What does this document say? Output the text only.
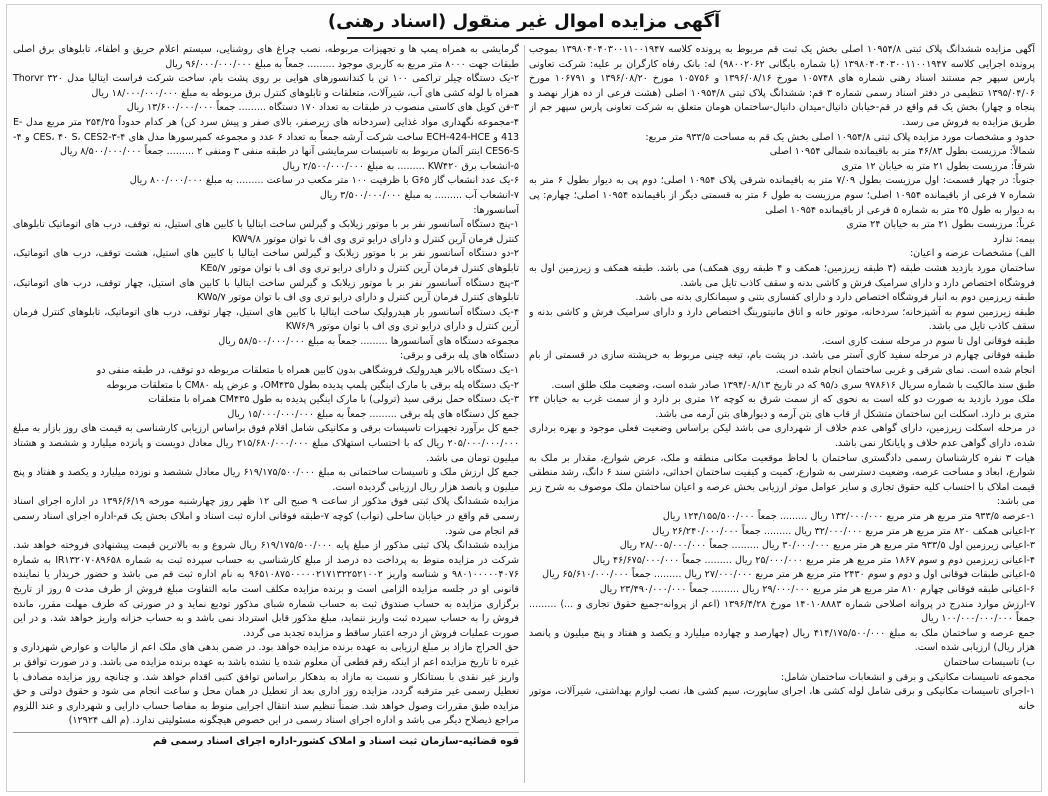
آگهی مزایده اموال غیر منقول (اسناد رهنی)

آگهی مزایده ششدانگ پلاک ثبتی ۱۰۹۵۴/۸ اصلی بخش یک ثبت قم مربوط به پرونده کلاسه ۱۳۹۸۰۴۰۴۰۳۰۰۱۱۰۰۱۹۴۷ بموجب پرونده اجرایی کلاسه ۱۳۹۸۰۴۰۴۰۳۰۰۱۱۰۰۱۹۴۷ (با شماره بایگانی ۹۸۰۰۲۰۶۲) له: بانک رفاه کارگران بر علیه: شرکت تعاونی پارس سپهر جم مستند اسناد رهنی شماره های ۱۰۵۷۴۸ مورخ ۱۳۹۶/۰۸/۱۶ و ۱۰۵۷۵۶ مورخ ۱۳۹۶/۰۸/۲۰ و ۱۰۶۷۹۱ مورخ ۱۳۹۵/۰۴/۰۶ تنظیمی در دفتر اسناد رسمی شماره ۳ قم: ششدانگ پلاک ثبتی ۱۰۹۵۴/۸ اصلی (هشت فرعی از ده هزار نهصد و پنجاه و چهار) بخش یک قم واقع در قم-خیابان دانیال-میدان دانیال-ساختمان هومان متعلق به شرکت تعاونی پارس سپهر جم از طریق مزایده به فروش می رسد.

حدود و مشخصات مورد مزایده پلاک ثبتی ۱۰۹۵۴/۸ اصلی بخش یک قم به مساحت ۹۳۳/۵ متر مربع:

شمالاً: مرزیست بطول ۴۶/۸۳ متر به باقیمانده شمالی ۱۰۹۵۴ اصلی

شرقاً: مرزیست بطول ۲۱ متر به خیابان ۱۲ متری

جنوباً: در چهار قسمت: اول مرزیست بطول ۷/۰۹ متر به باقیمانده شرقی پلاک ۱۰۹۵۴ اصلی؛ دوم پی به دیوار بطول ۶ متر به شماره ۷ فرعی از باقیمانده ۱۰۹۵۴ اصلی؛ سوم مرزیست به طول ۶ متر به قسمتی دیگر از باقیمانده ۱۰۹۵۴ اصلی؛ چهارم: پی به دیوار به طول ۲۵ متر به شماره ۵ فرعی از باقیمانده ۱۰۹۵۴ اصلی

غرباً: مرزیست بطول ۲۱ متر به خیابان ۲۴ متری

بیمه: ندارد

الف) مشخصات عرصه و اعیان:

ساختمان مورد بازدید هشت طبقه (۳ طبقه زیرزمین؛ همکف و ۴ طبقه روی همکف) می باشد. طبقه همکف و زیرزمین اول به فروشگاه اختصاص دارد و دارای سرامیک فرش و کاشی بدنه و سقف کاذب تایل می باشد.

طبقه زیرزمین دوم به انبار فروشگاه اختصاص دارد و دارای کفسازی بتنی و سیمانکاری بدنه می باشد.

طبقه زیرزمین سوم به آشپزخانه؛ سردخانه، موتور خانه و اتاق مانیتورینگ اختصاص دارد و دارای سرامیک فرش و کاشی بدنه و سقف کاذب تایل می باشد.

طبقه فوقانی اول تا سوم در مرحله سفت کاری است.

طبقه فوقانی چهارم در مرحله سفید کاری آستر می باشد. در پشت بام، تیغه چینی مربوط به خرپشته سازی در قسمتی از بام انجام شده است. نمای شرقی و غربی ساختمان انجام شده است.

طبق سند مالکیت با شماره سریال ۹۷۸۶۱۶ سری د/۹۵ که در تاریخ ۱۳۹۴/۰۸/۱۳ صادر شده است، وضعیت ملک طلق است.

ملک مورد بازدید به صورت دو کله است به نحوی که از سمت شرق به کوچه ۱۲ متری بر دارد و از سمت غرب به خیابان ۲۴ متری بر دارد. اسکلت این ساختمان متشکل از قاب های بتن آرمه و دیوارهای بتن آرمه می باشد.

در مرحله اسکلت زیرزمین، دارای گواهی عدم خلاف از شهرداری می باشد لیکن براساس وضعیت فعلی موجود و بهره برداری شده، دارای گواهی عدم خلاف و پایانکار نمی باشد.

هیات ۳ نفره کارشناسان رسمی دادگستری ساختمان با لحاظ موقعیت مکانی منطقه و ملک، عرض شوارع، مقدار بر ملک به شوارع، ابعاد و مساحت عرصه، وضعیت دسترسی به شوارع، کمیت و کیفیت ساختمان احداثی، داشتن سند ۶ دانگ، رشد منطقی قیمت املاک با احتساب کلیه حقوق تجاری و سایر عوامل موثر ارزیابی بخش عرصه و اعیان ساختمان ملک موصوف به شرح زیر می باشد:

۱-عرصه ۹۳۳/۵ متر مربع هر متر مربع ۱۳۲/۰۰۰/۰۰۰ ریال ......... جمعاً ۱۲۴/۱۵۵/۵۰۰/۰۰۰ ریال

۲-اعیانی همکف ۸۲۰ متر مربع هر متر مربع ۳۲/۰۰۰/۰۰۰ ریال ......... جمعاً ۲۶/۲۴۰/۰۰۰/۰۰۰ ریال

۳-اعیانی زیرزمین اول ۹۳۳/۵ متر مربع هر متر مربع ۳۰/۰۰۰/۰۰۰ ریال ......... جمعاً ۲۸/۰۰۵/۰۰۰/۰۰۰ ریال

۴-اعیانی زیرزمین دوم و سوم ۱۸۶۷ متر مربع هر متر مربع ۲۵/۰۰۰/۰۰۰ ریال ......... جمعاً ۴۶/۶۷۵/۰۰۰/۰۰۰ ریال

۵-اعیانی طبقات فوقانی اول و دوم و سوم ۲۴۳۰ متر مربع هر متر مربع ۲۷/۰۰۰/۰۰۰ ریال ......... جمعاً ۶۵/۶۱۰/۰۰۰/۰۰۰ ریال

۶-اعیانی طبقه فوقانی چهارم ۸۱۰ متر مربع هر متر مربع ۲۹/۰۰۰/۰۰۰ ریال ......... جمعاً ۲۳/۴۹۰/۰۰۰/۰۰۰ ریال

۷-ارزش موارد مندرج در پروانه اصلاحی شماره ۱۴۰۱۰۸۸۸۳ مورخ ۱۳۹۶/۴/۲۸ (اعم از پروانه-جمیع حقوق تجاری و ...) ......... جمعاً ۱۰۰/۰۰۰/۰۰۰/۰۰۰ ریال

جمع عرصه و ساختمان ملک به مبلغ ۴۱۴/۱۷۵/۵۰۰/۰۰۰ ریال (چهارصد و چهارده میلیارد و یکصد و هفتاد و پنج میلیون و پانصد هزار ریال) ارزیابی شده است.

ب) تاسیسات ساختمان

مجموعه تاسیسات مکانیکی و برقی و انشعابات ساختمان شامل:

۱-اجرای تاسیسات مکانیکی و برقی شامل لوله کشی ها، اجرای ساپورت، سیم کشی ها، نصب لوازم بهداشتی، شیرآلات، موتور خانه

گرمایشی به همراه پمپ ها و تجهیزات مربوطه، نصب چراغ های روشنایی، سیستم اعلام حریق و اطفاء، تابلوهای برق اصلی طبقات جهت ۸۰۰۰ متر مربع به کاربری موجود ......... جمعاً به مبلغ ۹۶/۰۰۰/۰۰۰/۰۰۰ ریال

۲-یک دستگاه چیلر تراکمی ۱۰۰ تن با کندانسورهای هوایی بر روی پشت بام، ساخت شرکت فراست ایتالیا مدل Thorvr ۳۲۰ همراه با لوله کشی های آب، شیرآلات، متعلقات و تابلوهای کنترل برق مربوطه به مبلغ ۱۸/۰۰۰/۰۰۰/۰۰۰ ریال

۳-فن کویل های کاستی منصوب در طبقات به تعداد ۱۷۰ دستگاه ......... جمعاً ۱۳/۶۰۰/۰۰۰/۰۰۰ ریال

۴-مجموعه نگهداری مواد غذایی (سردخانه های زیرصفر، بالای صفر و پیش سرد کن) هر کدام حدوداً ۲۵۴/۲۵ متر مربع مدل E-413 و ECH-424-HCE ساخت شرکت آرشه جمعاً به تعداد ۶ عدد و مجموعه کمپرسورها مدل های ۴-CES، ۴۰ S، CES2-۳ و ۴-CES6-S اینتر آلمان مربوط به تاسیسات سرمایشی آنها در طبقه منفی ۳ ومنفی ۲ ......... جمعاً ۸/۵۰۰/۰۰۰/۰۰۰ ریال

۵-انشعاب برق KW۴۲۰ ......... به مبلغ ۲/۵۰۰/۰۰۰/۰۰۰ ریال

۶-یک عدد انشعاب گاز G۶۵ با ظرفیت ۱۰۰ متر مکعب در ساعت ......... به مبلغ ۸۰۰/۰۰۰/۰۰۰ ریال

۷-انشعاب آب ......... به مبلغ ۳/۵۰۰/۰۰۰/۰۰۰ ریال

آسانسورها:

۱-پنج دستگاه آسانسور نفر بر با موتور زیلابک و گیرلس ساخت ایتالیا با کابین های استیل، نه توقف، درب های اتوماتیک تابلوهای کنترل فرمان آرین کنترل و دارای درایو تری وی اف با توان موتور KW۹/۸

۲-دو دستگاه آسانسور نفر بر با موتور زیلابک و گیرلس ساخت ایتالیا با کابین های استیل، هشت توقف، درب های اتوماتیک، تابلوهای کنترل فرمان آرین کنترل و دارای درایو تری وی اف با توان موتور KE۵/۷

۳-پنج دستگاه آسانسور نفر بر با موتور زیلابک و گیرلس ساخت ایتالیا با کابین های استیل، چهار توقف، درب های اتوماتیک، تابلوهای کنترل فرمان آرین کنترل و دارای درایو تری وی اف با توان موتور KW۵/۷

۴-یک دستگاه آسانسور بار هیدرولیک ساخت ایتالیا با کابین های استیل، چهار توقف، درب های اتوماتیک، تابلوهای کنترل فرمان آرین کنترل و دارای درایو تری وی اف با توان موتور KW۶/۹

مجموعه دستگاه های آسانسورها ......... جمعاً به مبلغ ۵۸/۵۰۰/۰۰۰/۰۰۰ ریال

دستگاه های پله برقی و برقی:

۱-یک دستگاه بالابر هیدرولیک فروشگاهی بدون کابین همراه با متعلقات مربوطه دو توقف، در طبقه منفی دو

۲-یک دستگاه پله برقی با مارک اینگین پلمپ پدیده بطول OM۴۳۵، و عرض پله CM۸۰ با متعلقات مربوطه

۳-یک دستگاه حمل برقی سبد (ترولی) با مارک اینگین پدیده به طول CM۴۳۵ همراه با متعلقات

جمع کل دستگاه های پله برقی ......... جمعاً به مبلغ ۱۵/۰۰۰/۰۰۰/۰۰۰ ریال

جمع کل برآورد تجهیزات تاسیسات برقی و مکانیکی شامل اقلام فوق براساس ارزیابی کارشناسی به قیمت های روز بازار به مبلغ ۲۰۵/۰۰۰/۰۰۰/۰۰۰ ریال که با احتساب استهلاک مبلغ ۲۱۵/۶۸۰/۰۰۰/۰۰۰ ریال معادل دویست و پانزده میلیارد و ششصد و هشتاد میلیون تومان می باشد.

جمع کل ارزش ملک و تاسیسات ساختمانی به مبلغ ۶۱۹/۱۷۵/۵۰۰/۰۰۰ ریال معادل ششصد و نوزده میلیارد و یکصد و هفتاد و پنج میلیون و پانصد هزار ریال ارزیابی گردیده است.

مزایده ششدانگ پلاک ثبتی فوق مذکور از ساعت ۹ صبح الی ۱۲ ظهر روز چهارشنبه مورخه ۱۳۹۶/۶/۱۹ در اداره اجرای اسناد رسمی قم واقع در خیابان ساحلی (نواب) کوچه ۷-طبقه فوقانی اداره ثبت اسناد و املاک بخش یک قم-اداره اجرای اسناد رسمی قم انجام می شود.

مزایده ششدانگ پلاک ثبتی مذکور از مبلغ پایه ۶۱۹/۱۷۵/۵۰۰/۰۰۰ ریال شروع و به بالاترین قیمت پیشنهادی فروخته خواهد شد. شرکت در مزایده منوط به پرداخت ده درصد از مبلغ کارشناسی به حساب سپرده ثبت به شماره IR۱۳۲۰۷۰۸۹۶۵۸ به شماره ۹۸۰۱۰۰۰۰۰۴۰۷۶ و شناسه واریز ۹۶۵۱۰۸۷۵۰۰۰۰۰۲۱۷۱۳۲۲۵۲۱۰۰۲ به نام اداره ثبت قم می باشد و حضور خریدار یا نماینده قانونی او در جلسه مزایده الزامی است و برنده مزایده مکلف است مابه التفاوت مبلغ فروش از طرف مدت ۵ روز از تاریخ برگزاری مزایده به حساب صندوق ثبت به حساب شماره شبای مذکور تودیع نماید و در صورتی که طرف مهلت مقرر، مانده فروش را به حساب سپرده ثبت واریز ننماید، مبلغ مذکور قابل استرداد نمی باشد و به حساب خزانه واریز خواهد شد. و در این صورت عملیات فروش از درجه اعتبار ساقط و مزایده تجدید می گردد.

حق الحراج مازاد بر مبلغ ارزیابی به عهده برنده مزایده خواهد بود. در ضمن بدهی های ملک اعم از مالیات و عوارض شهرداری و غیره تا تاریخ مزایده اعم از اینکه رقم قطعی آن معلوم شده یا نشده باشد به عهده برنده مزایده می باشد. و در صورت توافق بر واریز غیر نقدی با بستانکار و نسبت به مازاد به بدهکار براساس توافق کتبی اقدام خواهد شد. و چنانچه روز مزایده مصادف با تعطیل رسمی غیر مترقبه گردد، مزایده روز اداری بعد از تعطیل در همان محل و ساعت انجام می شود و حقوق دولتی و حق مزایده طبق مقررات وصول خواهد شد. ضمناً تنظیم سند انتقال اجرایی منوط به مفاصا حساب دارایی و شهرداری و عند اللزوم مراجع ذیصلاح دیگر می باشد و اداره اجرای اسناد رسمی در این خصوص هیچگونه مسئولیتی ندارد. (م الف ۱۲۹۲۴)

قوه قضائیه-سازمان ثبت اسناد و املاک کشور-اداره اجرای اسناد رسمی قم
